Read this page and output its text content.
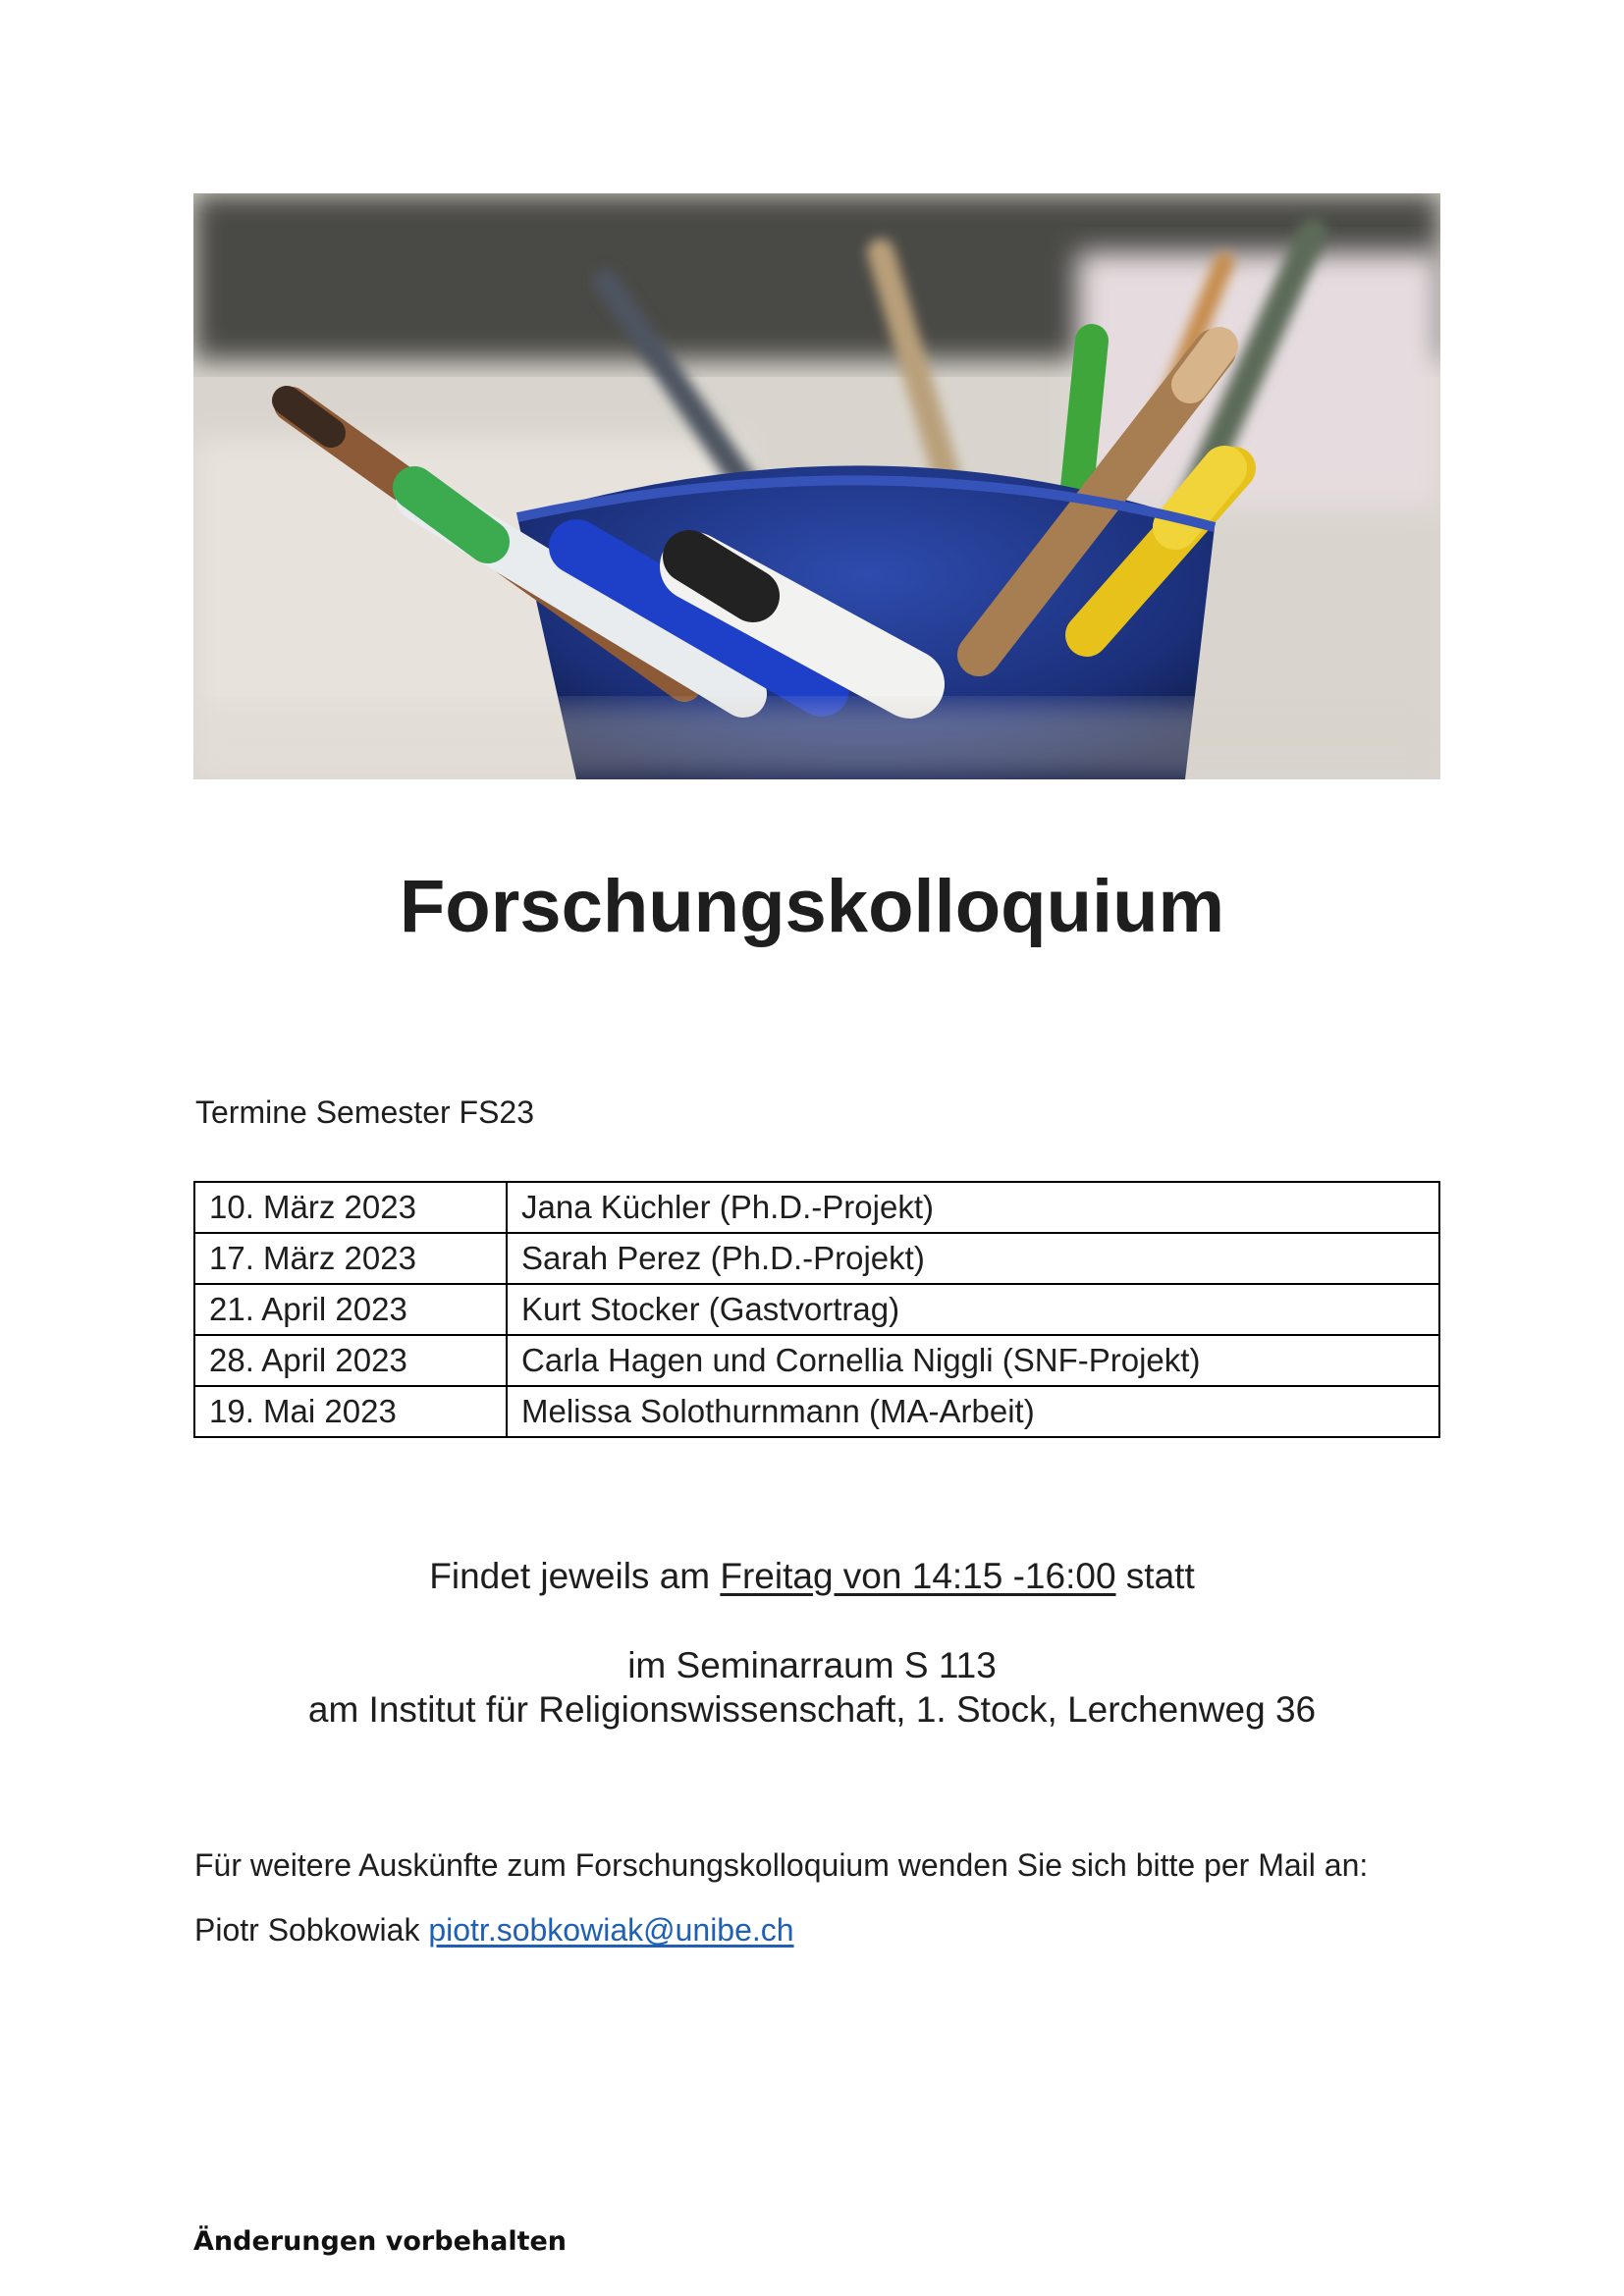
Forschungskolloquium
Termine Semester FS23
10. März 2023	Jana Küchler (Ph.D.-Projekt)
17. März 2023	Sarah Perez (Ph.D.-Projekt)
21. April 2023	Kurt Stocker (Gastvortrag)
28. April 2023	Carla Hagen und Cornellia Niggli (SNF-Projekt)
19. Mai 2023	Melissa Solothurnmann (MA-Arbeit)
Findet jeweils am Freitag von 14:15 -16:00 statt
im Seminarraum S 113
am Institut für Religionswissenschaft, 1. Stock, Lerchenweg 36
Für weitere Auskünfte zum Forschungskolloquium wenden Sie sich bitte per Mail an:
Piotr Sobkowiak piotr.sobkowiak@unibe.ch
Änderungen vorbehalten
